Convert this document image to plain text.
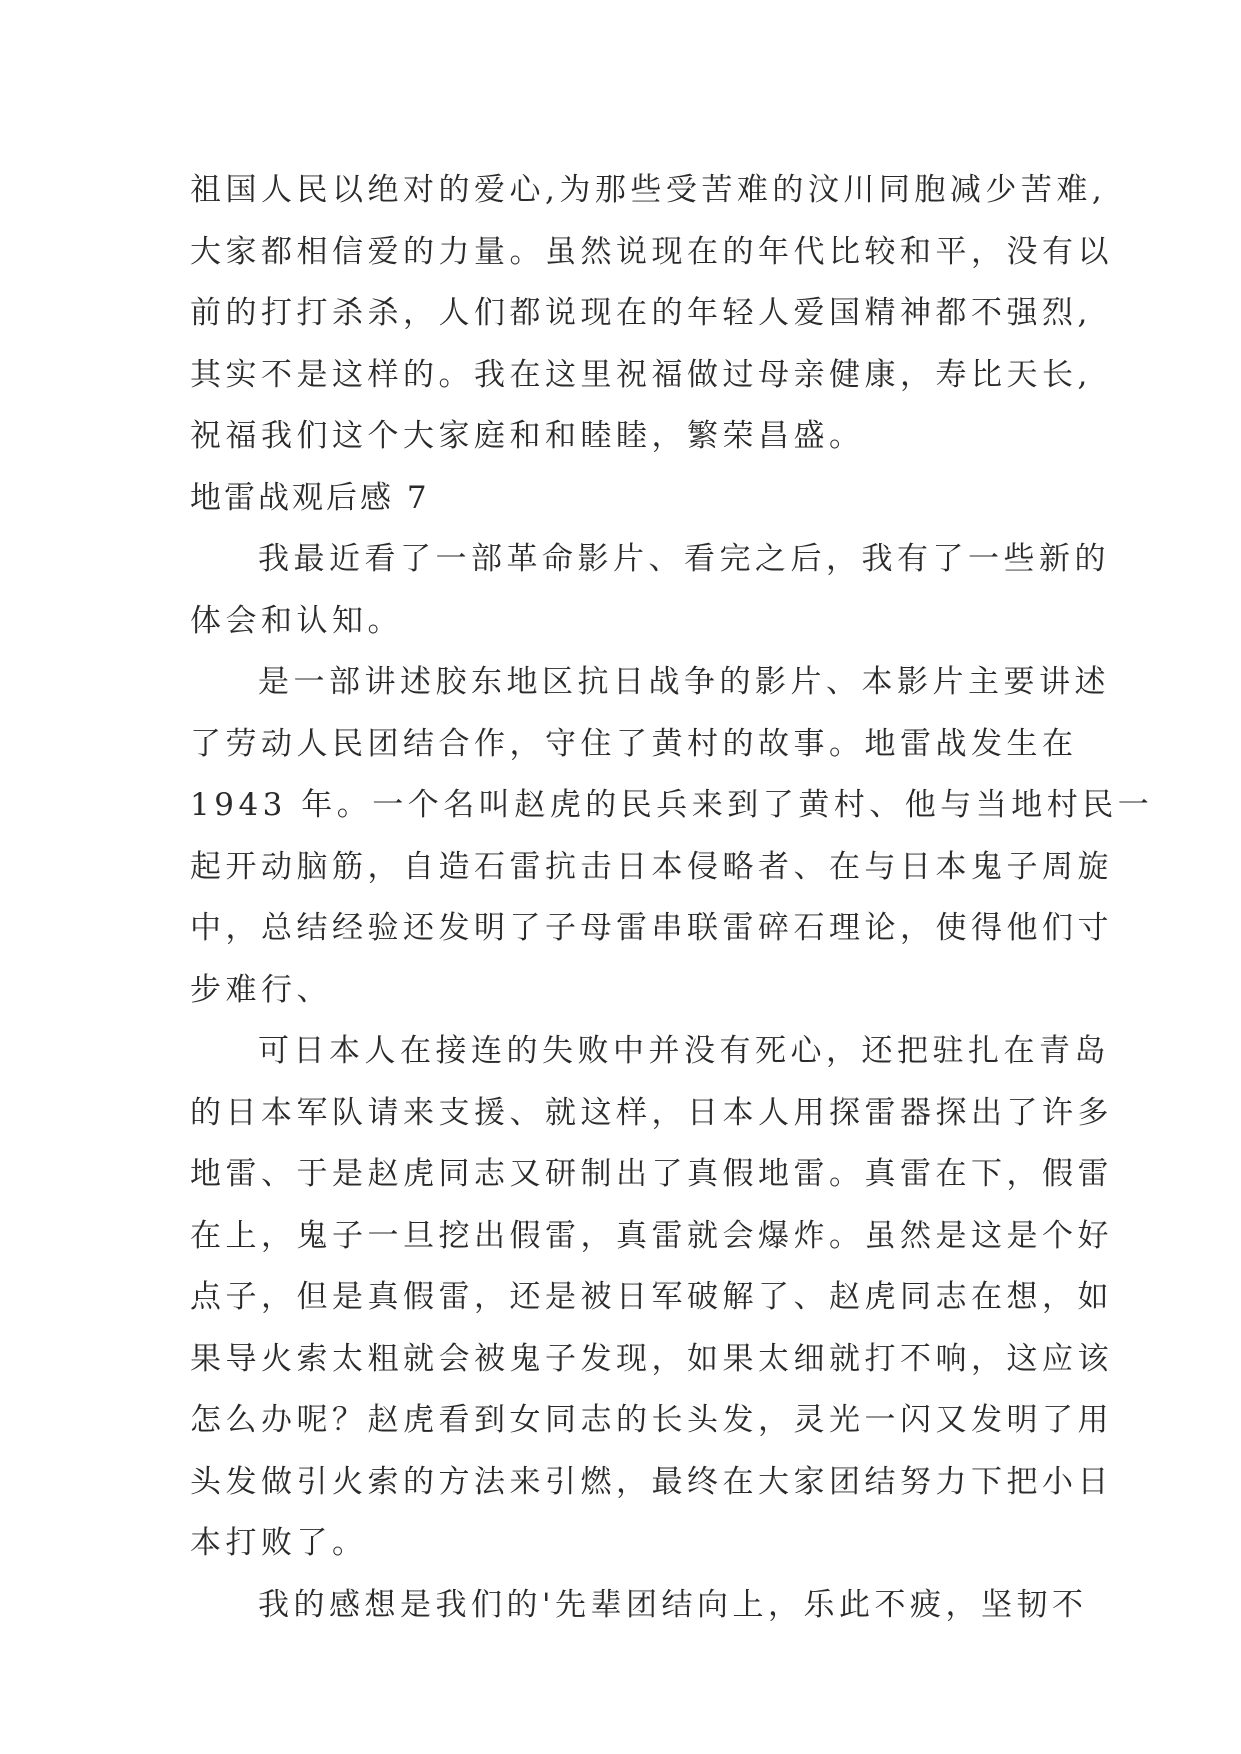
祖国人民以绝对的爱心,为那些受苦难的汶川同胞减少苦难,
大家都相信爱的力量。虽然说现在的年代比较和平，没有以
前的打打杀杀，人们都说现在的年轻人爱国精神都不强烈,
其实不是这样的。我在这里祝福做过母亲健康，寿比天长,
祝福我们这个大家庭和和睦睦，繁荣昌盛。
地雷战观后感 7
我最近看了一部革命影片、看完之后，我有了一些新的
体会和认知。
是一部讲述胶东地区抗日战争的影片、本影片主要讲述
了劳动人民团结合作，守住了黄村的故事。地雷战发生在
1943 年。一个名叫赵虎的民兵来到了黄村、他与当地村民一
起开动脑筋，自造石雷抗击日本侵略者、在与日本鬼子周旋
中，总结经验还发明了子母雷串联雷碎石理论，使得他们寸
步难行、
可日本人在接连的失败中并没有死心，还把驻扎在青岛
的日本军队请来支援、就这样，日本人用探雷器探出了许多
地雷、于是赵虎同志又研制出了真假地雷。真雷在下，假雷
在上，鬼子一旦挖出假雷，真雷就会爆炸。虽然是这是个好
点子，但是真假雷，还是被日军破解了、赵虎同志在想，如
果导火索太粗就会被鬼子发现，如果太细就打不响，这应该
怎么办呢？赵虎看到女同志的长头发，灵光一闪又发明了用
头发做引火索的方法来引燃，最终在大家团结努力下把小日
本打败了。
我的感想是我们的'先辈团结向上，乐此不疲，坚韧不
